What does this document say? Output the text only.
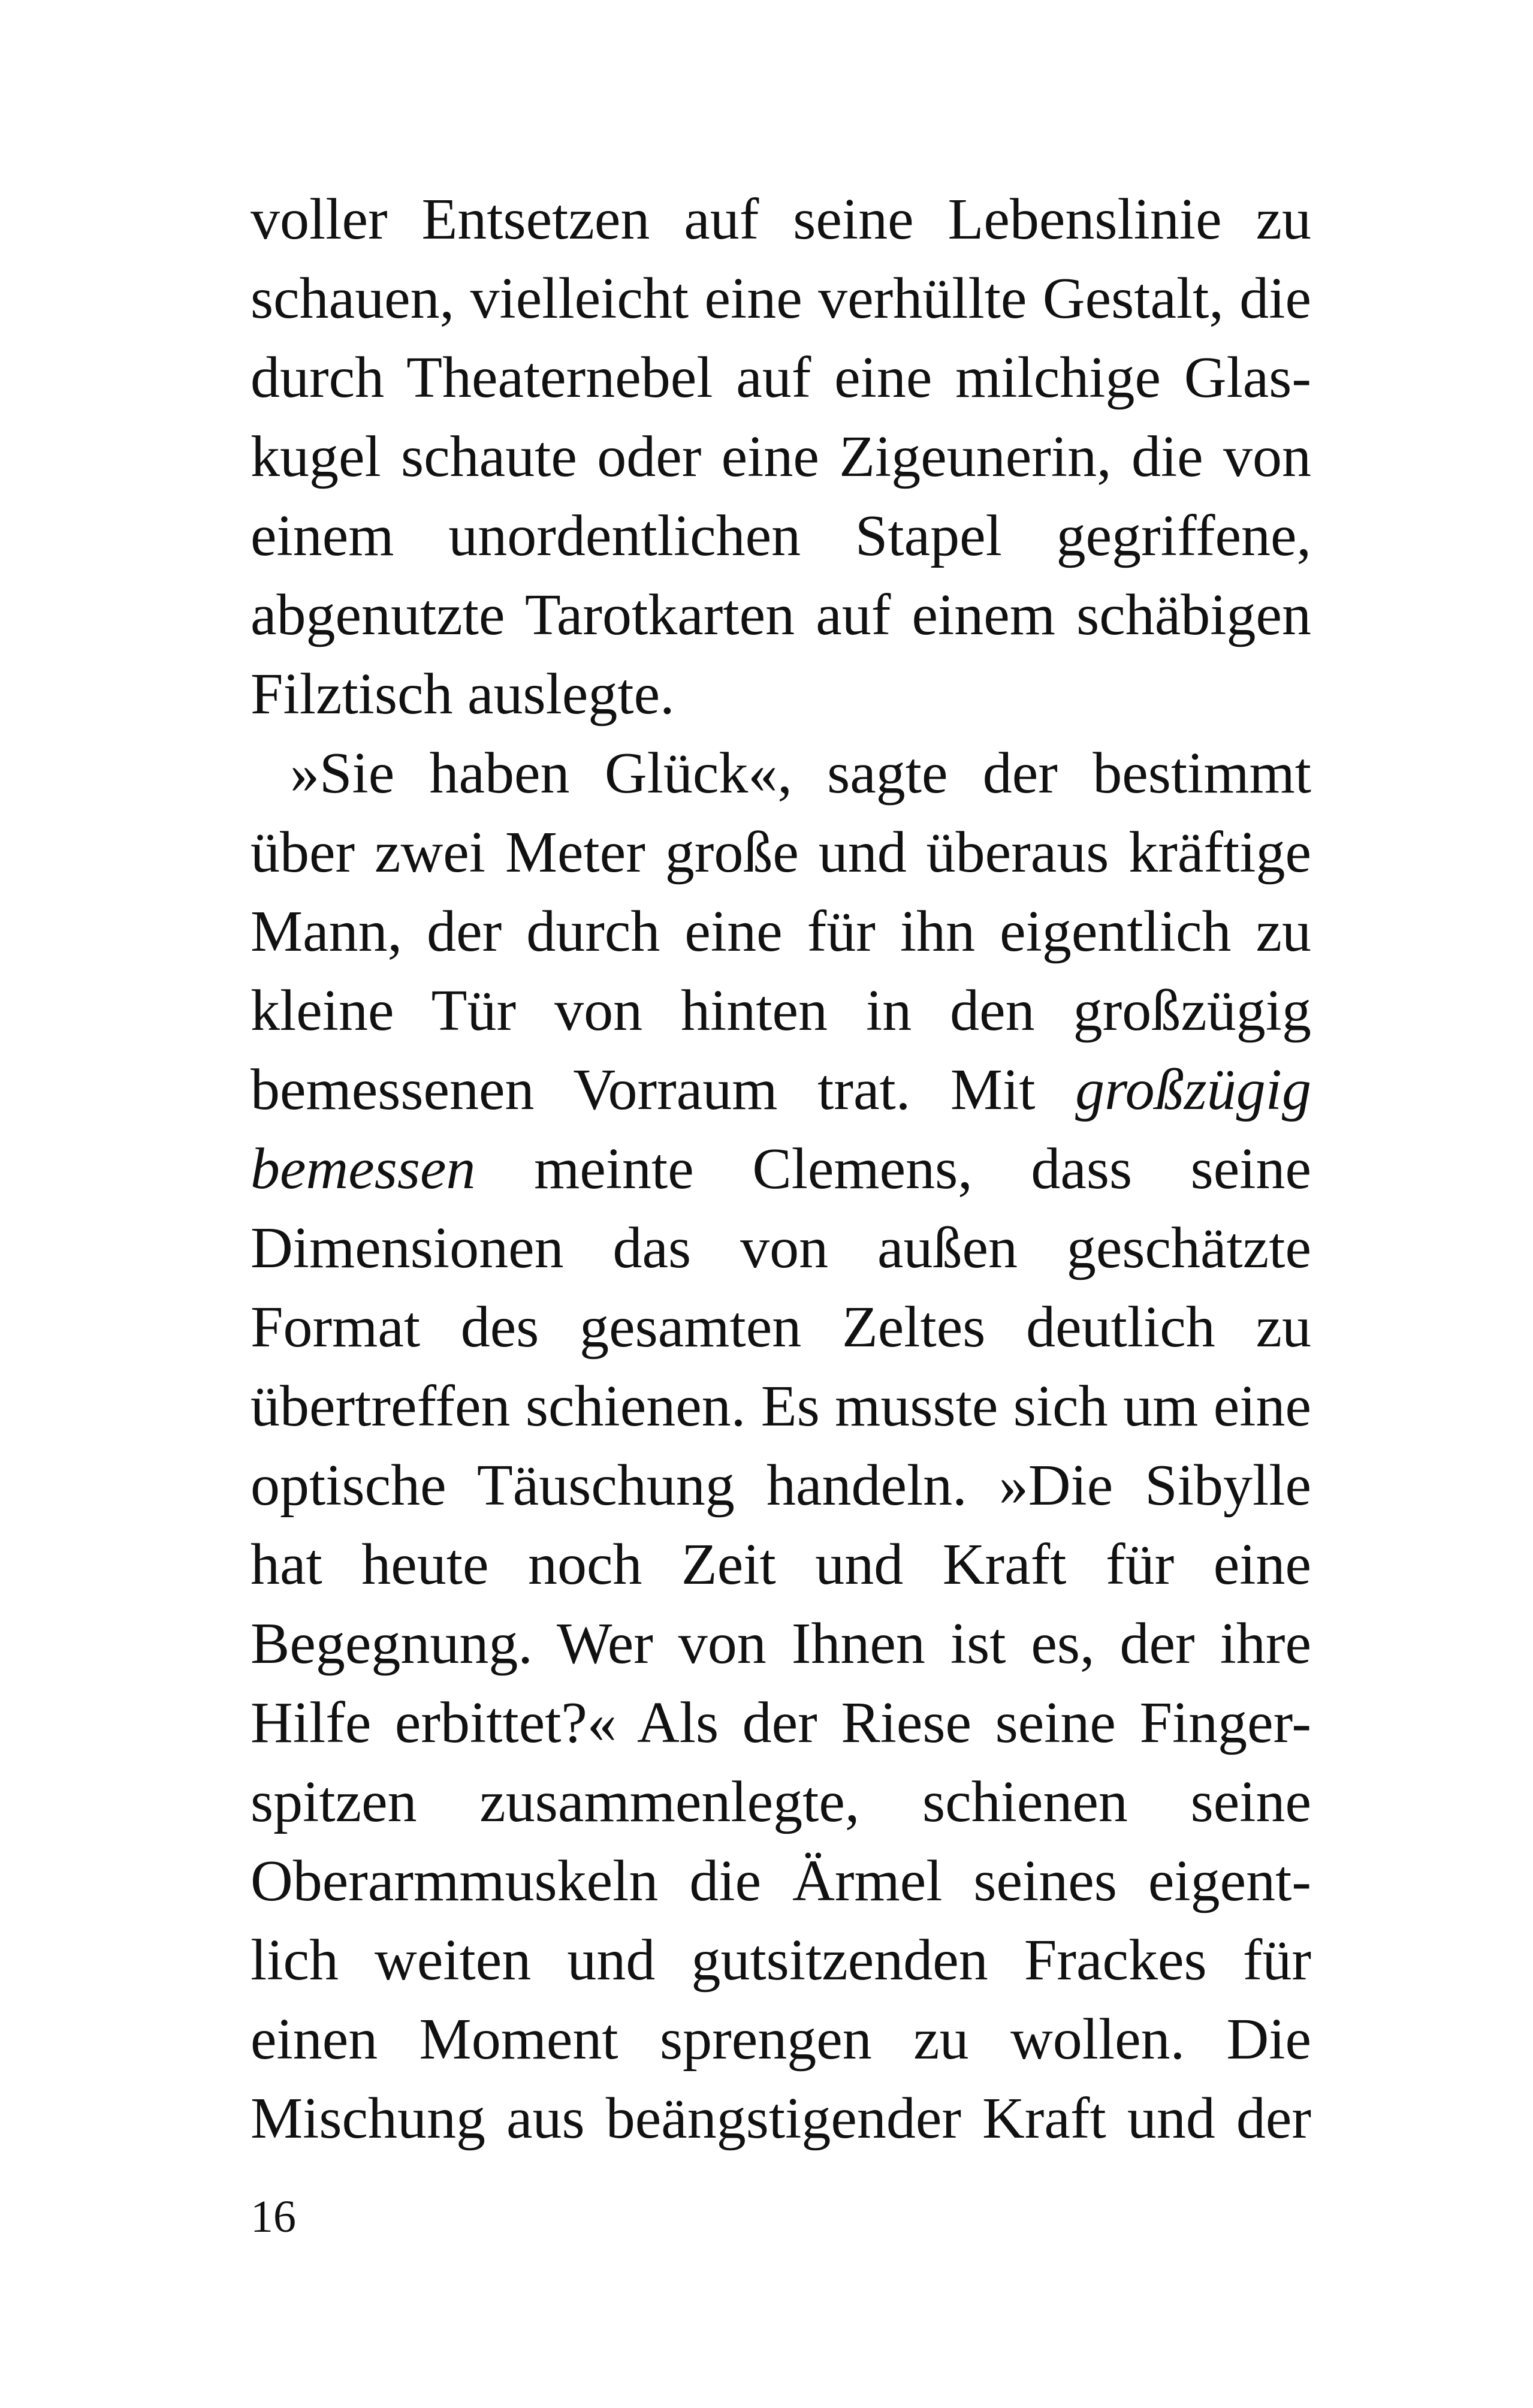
voller Entsetzen auf seine Lebenslinie zu
schauen, vielleicht eine verhüllte Gestalt, die
durch Theaternebel auf eine milchige Glas-
kugel schaute oder eine Zigeunerin, die von
einem unordentlichen Stapel gegriffene,
abgenutzte Tarotkarten auf einem schäbigen
Filztisch auslegte.
»Sie haben Glück«, sagte der bestimmt
über zwei Meter große und überaus kräftige
Mann, der durch eine für ihn eigentlich zu
kleine Tür von hinten in den großzügig
bemessenen Vorraum trat. Mit großzügig
bemessen meinte Clemens, dass seine
Dimensionen das von außen geschätzte
Format des gesamten Zeltes deutlich zu
übertreffen schienen. Es musste sich um eine
optische Täuschung handeln. »Die Sibylle
hat heute noch Zeit und Kraft für eine
Begegnung. Wer von Ihnen ist es, der ihre
Hilfe erbittet?« Als der Riese seine Finger-
spitzen zusammenlegte, schienen seine
Oberarmmuskeln die Ärmel seines eigent-
lich weiten und gutsitzenden Frackes für
einen Moment sprengen zu wollen. Die
Mischung aus beängstigender Kraft und der
16
